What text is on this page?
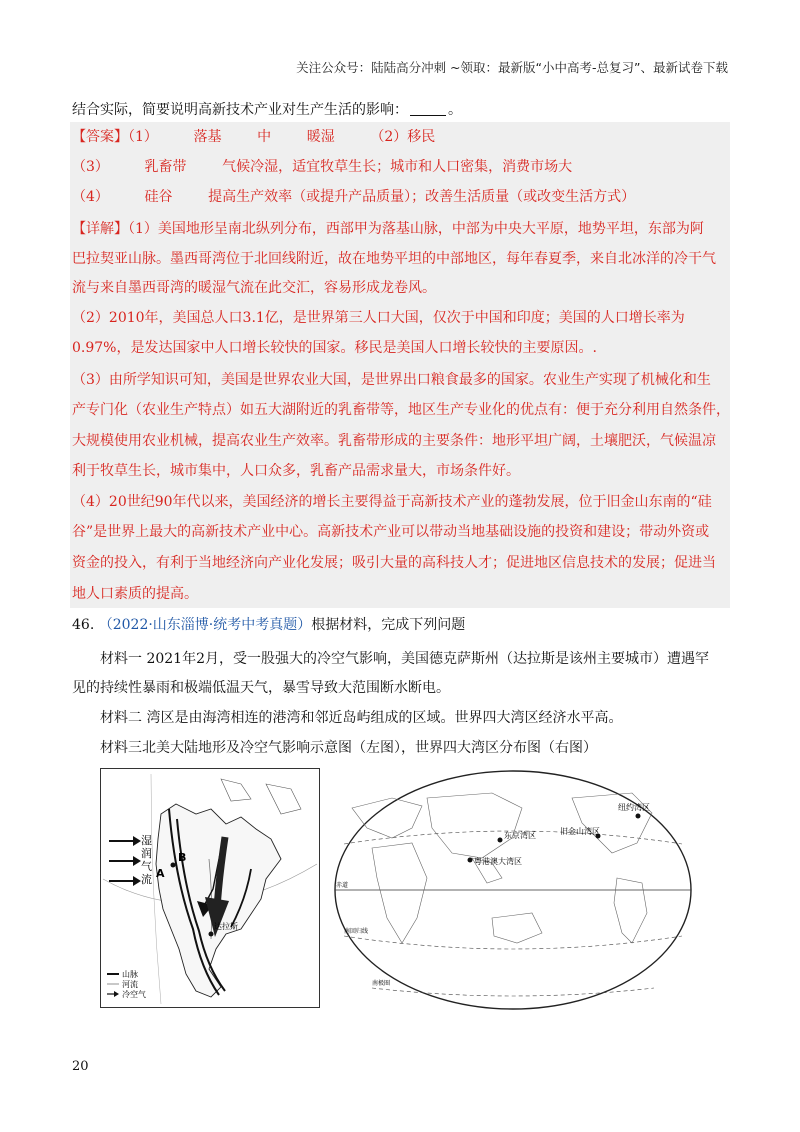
关注公众号：陆陆高分冲刺 ~领取：最新版“小中高考-总复习”、最新试卷下载
结合实际，简要说明高新技术产业对生产生活的影响：	。
【答案】（1）        落基        中        暖湿        （2）移民
（3）        乳畜带        气候冷湿，适宜牧草生长；城市和人口密集，消费市场大
（4）        硅谷        提高生产效率（或提升产品质量）；改善生活质量（或改变生活方式）
【详解】（1）美国地形呈南北纵列分布，西部甲为落基山脉，中部为中央大平原，地势平坦，东部为阿
巴拉契亚山脉。墨西哥湾位于北回线附近，故在地势平坦的中部地区，每年春夏季，来自北冰洋的冷干气
流与来自墨西哥湾的暖湿气流在此交汇，容易形成龙卷风。
（2）2010年，美国总人口3.1亿，是世界第三人口大国，仅次于中国和印度；美国的人口增长率为
0.97%，是发达国家中人口增长较快的国家。移民是美国人口增长较快的主要原因。.
（3）由所学知识可知，美国是世界农业大国，是世界出口粮食最多的国家。农业生产实现了机械化和生
产专门化（农业生产特点）如五大湖附近的乳畜带等，地区生产专业化的优点有：便于充分利用自然条件，
大规模使用农业机械，提高农业生产效率。乳畜带形成的主要条件：地形平坦广阔，土壤肥沃，气候温凉
利于牧草生长，城市集中，人口众多，乳畜产品需求量大，市场条件好。
（4）20世纪90年代以来，美国经济的增长主要得益于高新技术产业的蓬勃发展，位于旧金山东南的“硅
谷”是世界上最大的高新技术产业中心。高新技术产业可以带动当地基础设施的投资和建设；带动外资或
资金的投入，有利于当地经济向产业化发展；吸引大量的高科技人才；促进地区信息技术的发展；促进当
地人口素质的提高。
46. （2022·山东淄博·统考中考真题）根据材料，完成下列问题
材料一 2021年2月，受一股强大的冷空气影响，美国德克萨斯州（达拉斯是该州主要城市）遭遇罕
见的持续性暴雨和极端低温天气，暴雪导致大范围断水断电。
材料二 湾区是由海湾相连的港湾和邻近岛屿组成的区域。世界四大湾区经济水平高。
材料三北美大陆地形及冷空气影响示意图（左图），世界四大湾区分布图（右图）
湿
润
气
流 A
B
达拉斯
山脉
河流
冷空气
东京湾区	旧金山湾区
纽约湾区
粤港澳大湾区
赤道
南回归线
南极圈
20
